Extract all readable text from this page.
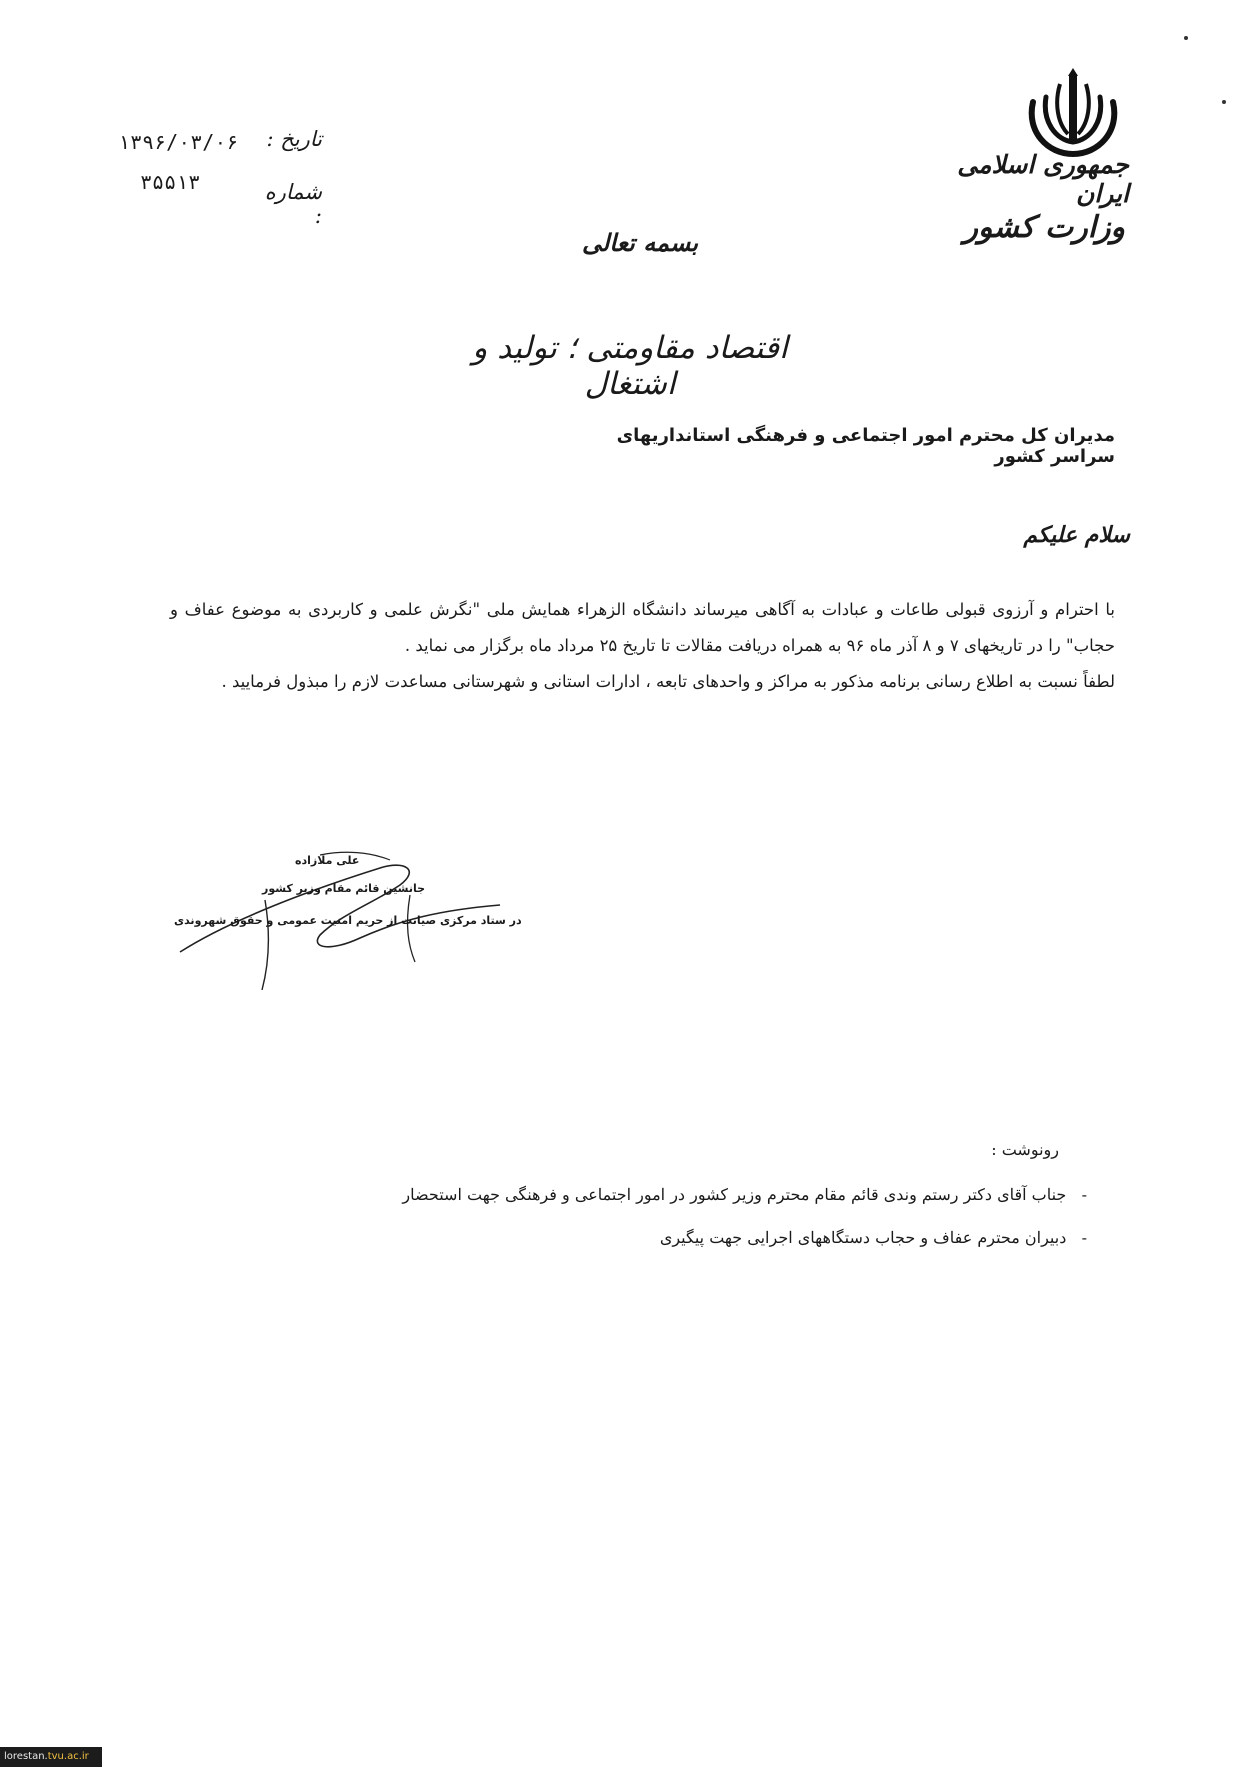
جمهوری اسلامی ایران
وزارت کشور
تاریخ :
۱۳۹۶/۰۳/۰۶
شماره :
۳۵۵۱۳
بسمه تعالی
اقتصاد مقاومتی ؛ تولید و اشتغال
مدیران کل محترم امور اجتماعی و فرهنگی استانداریهای سراسر کشور
سلام علیکم

با احترام و آرزوی قبولی طاعات و عبادات به آگاهی میرساند دانشگاه الزهراء همایش ملی "نگرش علمی و کاربردی به موضوع عفاف و حجاب" را در تاریخهای ۷ و ۸ آذر ماه ۹۶ به همراه دریافت مقالات تا تاریخ ۲۵ مرداد ماه برگزار می نماید .

لطفاً نسبت به اطلاع رسانی برنامه مذکور به مراکز و واحدهای تابعه ، ادارات استانی و شهرستانی مساعدت لازم را مبذول فرمایید .

علی ملازاده
جانشین قائم مقام وزیر کشور
در ستاد مرکزی صیانت از حریم امنیت عمومی و حقوق شهروندی
رونوشت :
-   جناب آقای دکتر رستم وندی قائم مقام محترم وزیر کشور در امور اجتماعی و فرهنگی جهت استحضار
-   دبیران محترم عفاف و حجاب دستگاههای اجرایی جهت پیگیری
lorestan.tvu.ac.ir
